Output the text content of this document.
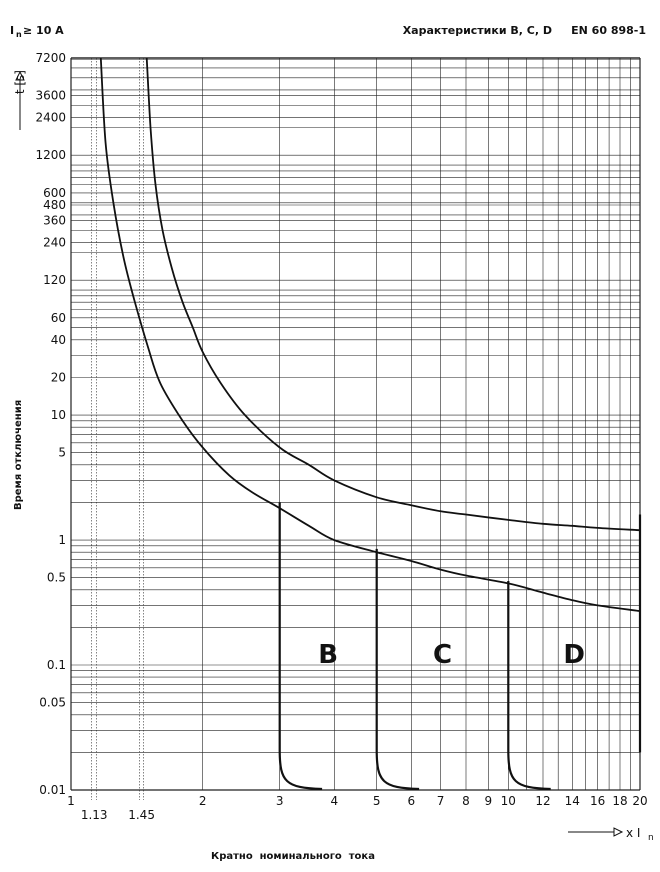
I n ≥ 10 A	Характеристики B, C, D     EN 60 898-1
1	2	3	4	5 6 7 8 9 10 12 14 16 18 20
1.13 1.45
0.01
0.05
0.1
0.5
1
5
10
20
40
60
120
240
360
480
600
1200
2400
3600
7200
B	C	D
t [s]
Время отключения
x I n
Кратно  номинального  тока
